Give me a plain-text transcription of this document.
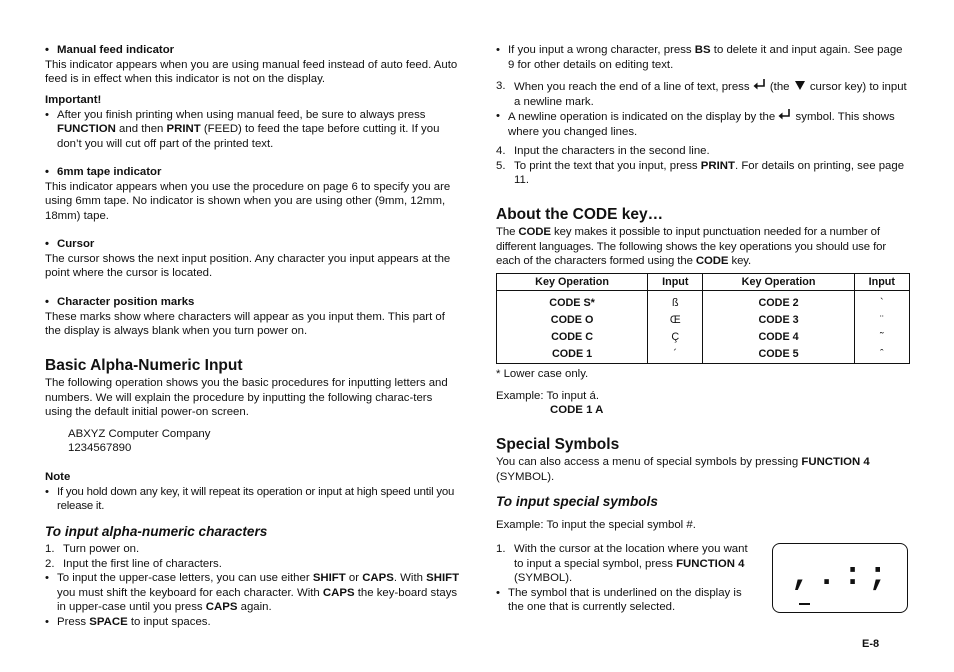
• Manual feed indicator

This indicator appears when you are using manual feed instead of auto feed. Auto feed is in effect when this indicator is not on the display.

Important!

• After you finish printing when using manual feed, be sure to always press FUNCTION and then PRINT (FEED) to feed the tape before cutting it. If you don’t you will cut off part of the printed text.

• 6mm tape indicator

This indicator appears when you use the procedure on page 6 to specify you are using 6mm tape. No indicator is shown when you are using other (9mm, 12mm, 18mm) tape.

• Cursor

The cursor shows the next input position. Any character you input appears at the point where the cursor is located.

• Character position marks

These marks show where characters will appear as you input them. This part of the display is always blank when you turn power on.

Basic Alpha-Numeric Input

The following operation shows you the basic procedures for inputting letters and numbers. We will explain the procedure by inputting the following charac-ters using the default initial power-on screen.

ABXYZ Computer Company

1234567890

Note

• If you hold down any key, it will repeat its operation or input at high speed until you release it.

To input alpha-numeric characters

1. Turn power on.

2. Input the first line of characters.

• To input the upper-case letters, you can use either SHIFT or CAPS. With SHIFT you must shift the keyboard for each character. With CAPS the key-board stays in upper-case until you press CAPS again.

• Press SPACE to input spaces.

• If you input a wrong character, press BS to delete it and input again. See page 9 for other details on editing text.

3. When you reach the end of a line of text, press  (the  cursor key) to input a newline mark.

• A newline operation is indicated on the display by the  symbol. This shows where you changed lines.

4. Input the characters in the second line.

5. To print the text that you input, press PRINT. For details on printing, see page 11.

About the CODE key…

The CODE key makes it possible to input punctuation needed for a number of different languages. The following shows the key operations you should use for each of the characters formed using the CODE key.

Key Operation	Input	Key Operation	Input
CODE S*	ß	CODE 2	`
CODE O	Œ	CODE 3	¨
CODE C	Ç	CODE 4	˜
CODE 1	´	CODE 5	ˆ

* Lower case only.

Example: To input á.

CODE 1 A

Special Symbols

You can also access a menu of special symbols by pressing FUNCTION 4 (SYMBOL).

To input special symbols

Example: To input the special symbol #.

1. With the cursor at the location where you want to input a special symbol, press FUNCTION 4 (SYMBOL).

• The symbol that is underlined on the display is the one that is currently selected.

, . : ;
E-8
